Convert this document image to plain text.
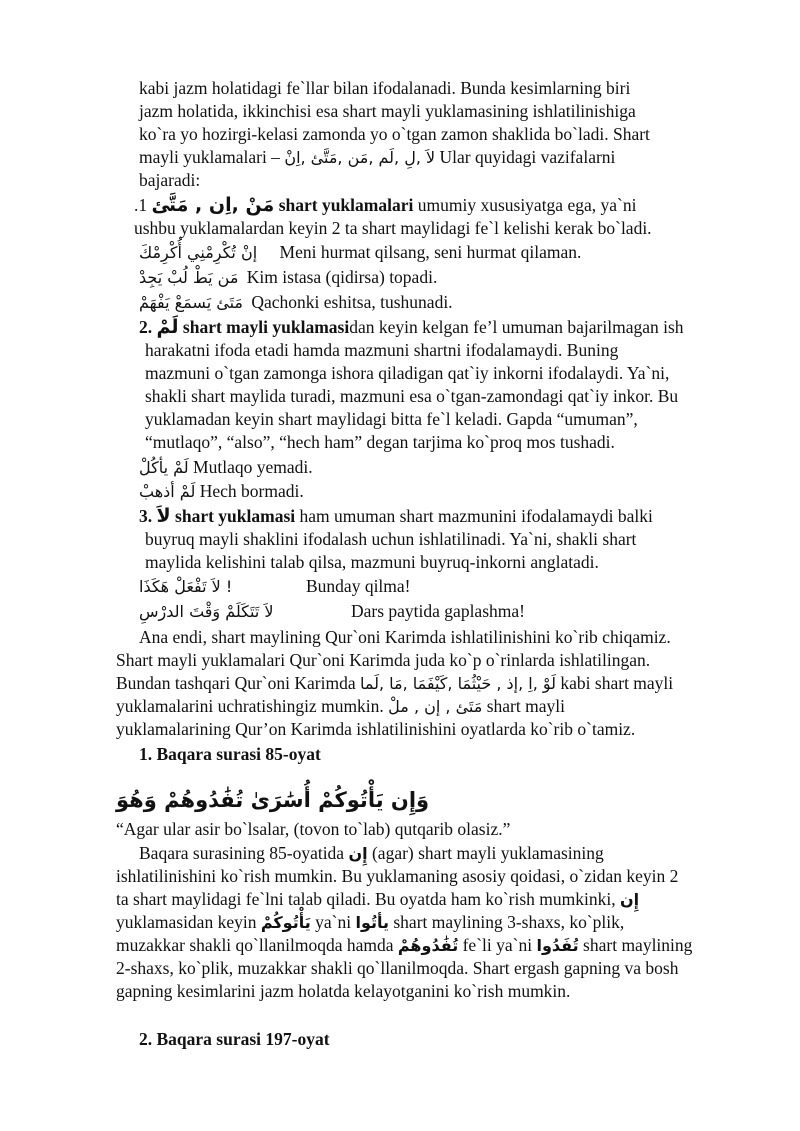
kabi jazm holatidagi fe`llar bilan ifodalanadi. Bunda kesimlarning biri
jazm holatida, ikkinchisi esa shart mayli yuklamasining ishlatilinishiga
ko`ra yo hozirgi-kelasi zamonda yo o`tgan zamon shaklida bo`ladi. Shart
mayli yuklamalari – لاَ ,لِ ,لَم ,مَن ,مَتَّئ ,اِنْ Ular quyidagi vazifalarni
bajaradi:
.1 مَنْ ,اِن , مَتَّئ shart yuklamalari umumiy xususiyatga ega, ya`ni
ushbu yuklamalardan keyin 2 ta shart maylidagi fe`l kelishi kerak bo`ladi.
إنْ تُكْرِمْنِي أُكْرِمْكَ Meni hurmat qilsang, seni hurmat qilaman.
مَن يَطْ لُبْ يَجِدْ Kim istasa (qidirsa) topadi.
مَتَئ يَسمَعْ يَفْهَمْ Qachonki eshitsa, tushunadi.
2. لَمْ shart mayli yuklamasidan keyin kelgan fe’l umuman bajarilmagan ish
harakatni ifoda etadi hamda mazmuni shartni ifodalamaydi. Buning
mazmuni o`tgan zamonga ishora qiladigan qat`iy inkorni ifodalaydi. Ya`ni,
shakli shart maylida turadi, mazmuni esa o`tgan-zamondagi qat`iy inkor. Bu
yuklamadan keyin shart maylidagi bitta fe`l keladi. Gapda “umuman”,
“mutlaqo”, “also”, “hech ham” degan tarjima ko`proq mos tushadi.
لَمْ يأكُلْ Mutlaqo yemadi.
لَمْ أذهبْ Hech bormadi.
3. لاَ shart yuklamasi ham umuman shart mazmunini ifodalamaydi balki
buyruq mayli shaklini ifodalash uchun ishlatilinadi. Ya`ni, shakli shart
maylida kelishini talab qilsa, mazmuni buyruq-inkorni anglatadi.
! لاَ تَفْعَلْ هَكَذَا	Bunday qilma!
لاَ تَتَكَلَمْ وَقْتَ الدرْسِ	Dars paytida gaplashma!
Ana endi, shart maylining Qur`oni Karimda ishlatilinishini ko`rib chiqamiz.
Shart mayli yuklamalari Qur`oni Karimda juda ko`p o`rinlarda ishlatilingan.
Bundan tashqari Qur`oni Karimda لَوْ ,اِ ,إذ , حَيْثُمَا ,كَيْفَمَا ,مَا ,لَما kabi shart mayli
yuklamalarini uchratishingiz mumkin. مَتَئ , إن , ملْ shart mayli
yuklamalarining Qur’on Karimda ishlatilinishini oyatlarda ko`rib o`tamiz.
1. Baqara surasi 85-oyat
وَإِن يَأْتُوكُمْ أُسَٰرَىٰ تُفَٰدُوهُمْ وَهُوَ
“Agar ular asir bo`lsalar, (tovon to`lab) qutqarib olasiz.”
Baqara surasining 85-oyatida إِن (agar) shart mayli yuklamasining
ishlatilinishini ko`rish mumkin. Bu yuklamaning asosiy qoidasi, o`zidan keyin 2
ta shart maylidagi fe`lni talab qiladi. Bu oyatda ham ko`rish mumkinki, إِن
yuklamasidan keyin يَأْتُوكُمْ ya`ni يأتُوا shart maylining 3-shaxs, ko`plik,
muzakkar shakli qo`llanilmoqda hamda تُفَٰدُوهُمْ fe`li ya`ni تُفَدُوا shart maylining
2-shaxs, ko`plik, muzakkar shakli qo`llanilmoqda. Shart ergash gapning va bosh
gapning kesimlarini jazm holatda kelayotganini ko`rish mumkin.
2. Baqara surasi 197-oyat
